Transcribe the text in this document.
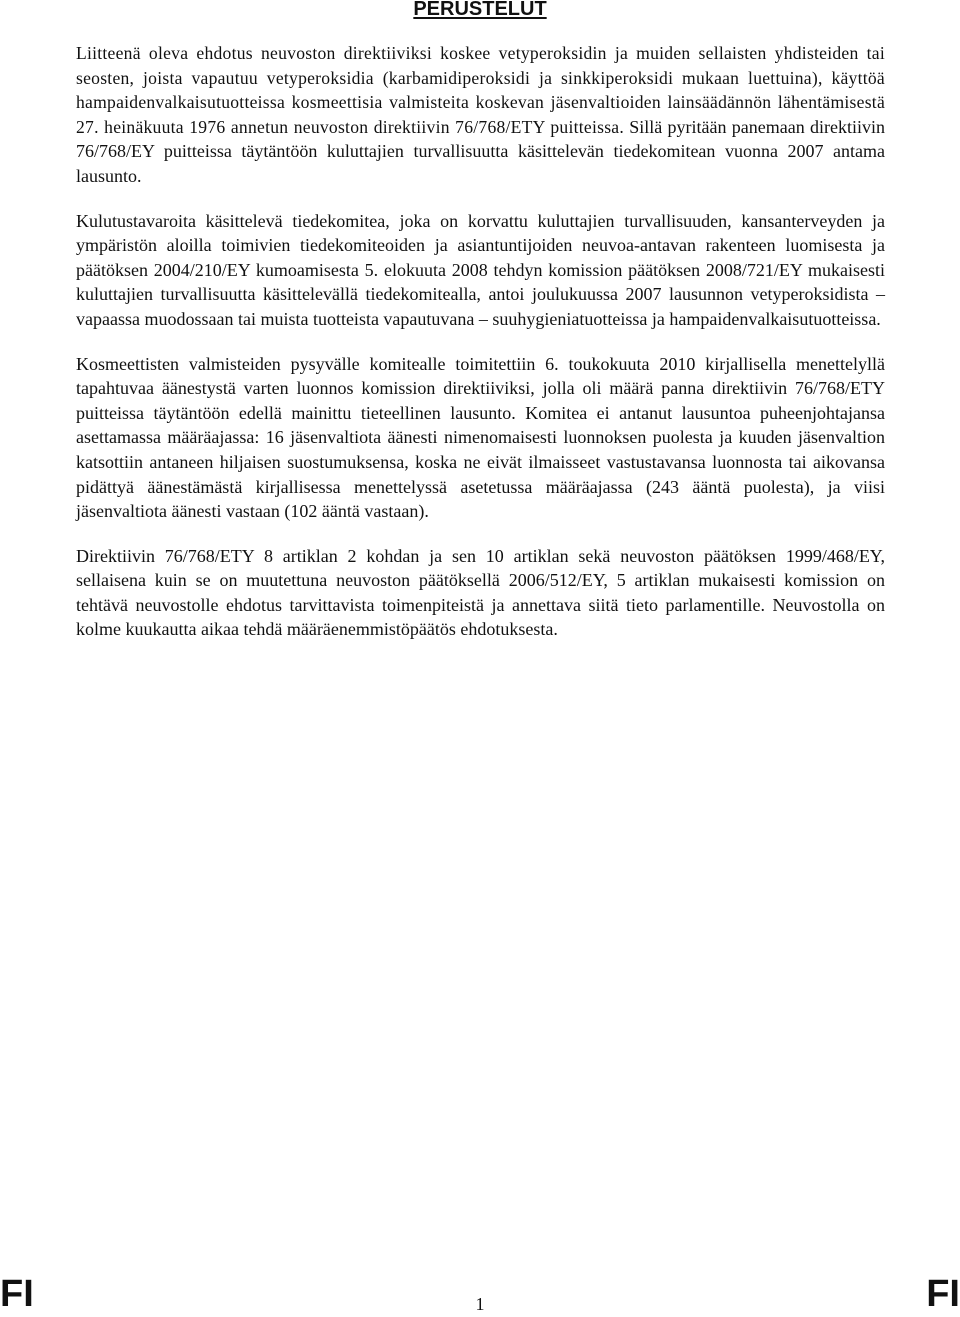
PERUSTELUT

Liitteenä oleva ehdotus neuvoston direktiiviksi koskee vetyperoksidin ja muiden sellaisten yhdisteiden tai seosten, joista vapautuu vetyperoksidia (karbamidiperoksidi ja sinkkiperoksidi mukaan luettuina), käyttöä hampaidenvalkaisutuotteissa kosmeettisia valmisteita koskevan jäsenvaltioiden lainsäädännön lähentämisestä 27. heinäkuuta 1976 annetun neuvoston direktiivin 76/768/ETY puitteissa. Sillä pyritään panemaan direktiivin 76/768/EY puitteissa täytäntöön kuluttajien turvallisuutta käsittelevän tiedekomitean vuonna 2007 antama lausunto.

Kulutustavaroita käsittelevä tiedekomitea, joka on korvattu kuluttajien turvallisuuden, kansanterveyden ja ympäristön aloilla toimivien tiedekomiteoiden ja asiantuntijoiden neuvoa-antavan rakenteen luomisesta ja päätöksen 2004/210/EY kumoamisesta 5. elokuuta 2008 tehdyn komission päätöksen 2008/721/EY mukaisesti kuluttajien turvallisuutta käsittelevällä tiedekomitealla, antoi joulukuussa 2007 lausunnon vetyperoksidista – vapaassa muodossaan tai muista tuotteista vapautuvana – suuhygieniatuotteissa ja hampaidenvalkaisutuotteissa.

Kosmeettisten valmisteiden pysyvälle komitealle toimitettiin 6. toukokuuta 2010 kirjallisella menettelyllä tapahtuvaa äänestystä varten luonnos komission direktiiviksi, jolla oli määrä panna direktiivin 76/768/ETY puitteissa täytäntöön edellä mainittu tieteellinen lausunto. Komitea ei antanut lausuntoa puheenjohtajansa asettamassa määräajassa: 16 jäsenvaltiota äänesti nimenomaisesti luonnoksen puolesta ja kuuden jäsenvaltion katsottiin antaneen hiljaisen suostumuksensa, koska ne eivät ilmaisseet vastustavansa luonnosta tai aikovansa pidättyä äänestämästä kirjallisessa menettelyssä asetetussa määräajassa (243 ääntä puolesta), ja viisi jäsenvaltiota äänesti vastaan (102 ääntä vastaan).

Direktiivin 76/768/ETY 8 artiklan 2 kohdan ja sen 10 artiklan sekä neuvoston päätöksen 1999/468/EY, sellaisena kuin se on muutettuna neuvoston päätöksellä 2006/512/EY, 5 artiklan mukaisesti komission on tehtävä neuvostolle ehdotus tarvittavista toimenpiteistä ja annettava siitä tieto parlamentille. Neuvostolla on kolme kuukautta aikaa tehdä määräenemmistöpäätös ehdotuksesta.

FI	1	FI
